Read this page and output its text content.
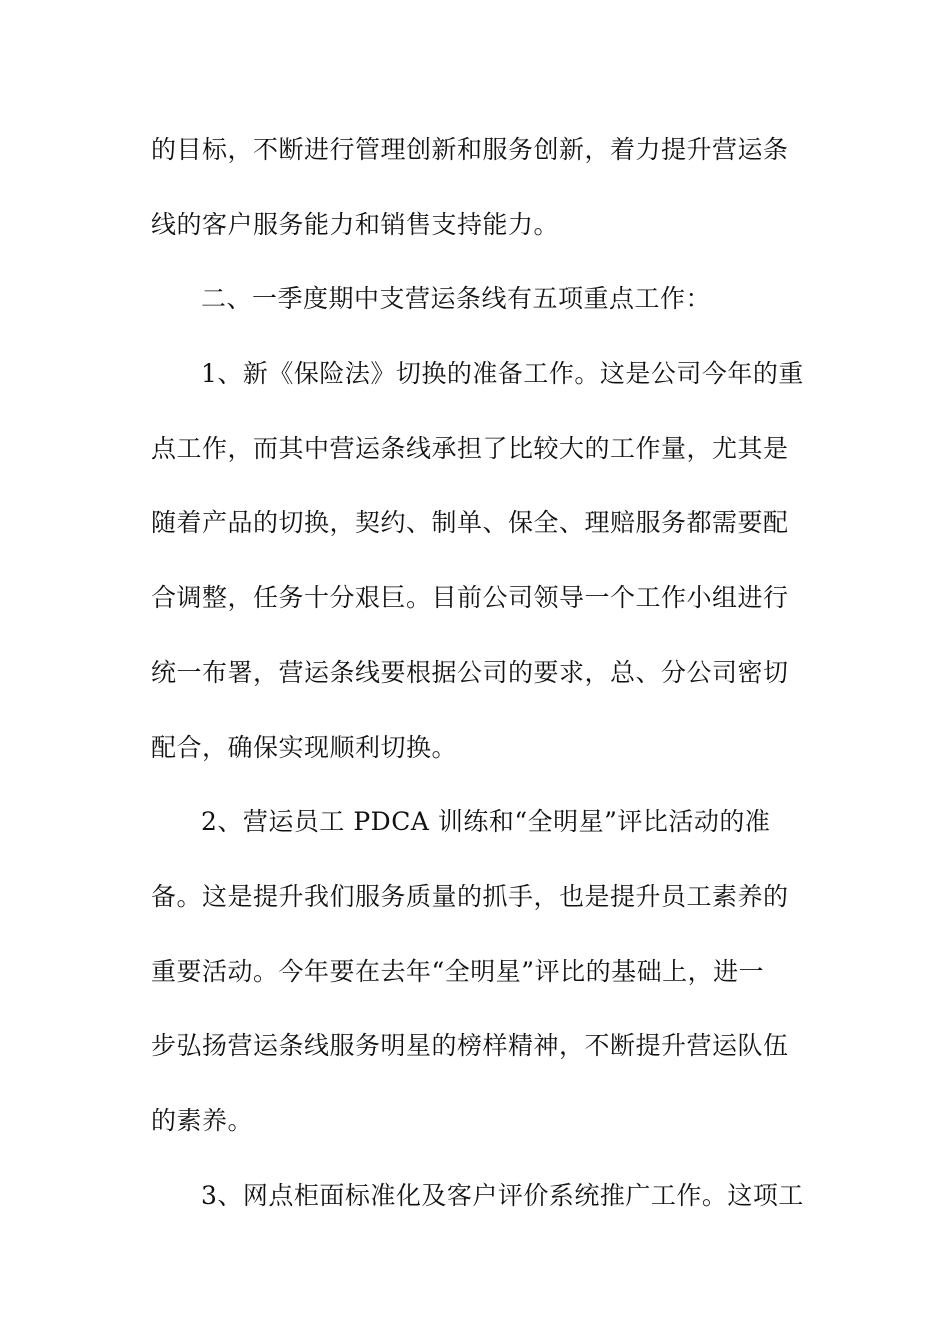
的目标，不断进行管理创新和服务创新，着力提升营运条
线的客户服务能力和销售支持能力。
二、一季度期中支营运条线有五项重点工作：
1、新《保险法》切换的准备工作。这是公司今年的重
点工作，而其中营运条线承担了比较大的工作量，尤其是
随着产品的切换，契约、制单、保全、理赔服务都需要配
合调整，任务十分艰巨。目前公司领导一个工作小组进行
统一布署，营运条线要根据公司的要求，总、分公司密切
配合，确保实现顺利切换。
2、营运员工 PDCA 训练和“全明星”评比活动的准
备。这是提升我们服务质量的抓手，也是提升员工素养的
重要活动。今年要在去年“全明星”评比的基础上，进一
步弘扬营运条线服务明星的榜样精神，不断提升营运队伍
的素养。
3、网点柜面标准化及客户评价系统推广工作。这项工
